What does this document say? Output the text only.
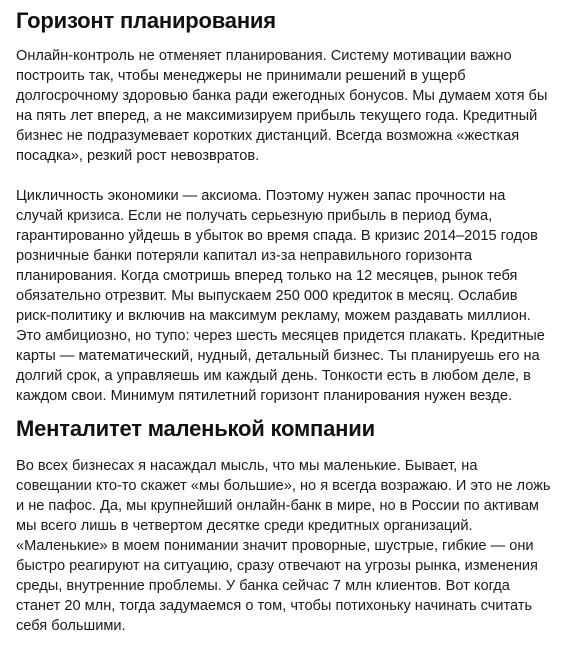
Горизонт планирования

Онлайн-контроль не отменяет планирования. Систему мотивации важно построить так, чтобы менеджеры не принимали решений в ущерб долгосрочному здоровью банка ради ежегодных бонусов. Мы думаем хотя бы на пять лет вперед, а не максимизируем прибыль текущего года. Кредитный бизнес не подразумевает коротких дистанций. Всегда возможна «жесткая посадка», резкий рост невозвратов.

Цикличность экономики — аксиома. Поэтому нужен запас прочности на случай кризиса. Если не получать серьезную прибыль в период бума, гарантированно уйдешь в убыток во время спада. В кризис 2014–2015 годов розничные банки потеряли капитал из-за неправильного горизонта планирования. Когда смотришь вперед только на 12 месяцев, рынок тебя обязательно отрезвит. Мы выпускаем 250 000 кредиток в месяц. Ослабив риск-политику и включив на максимум рекламу, можем раздавать миллион. Это амбициозно, но тупо: через шесть месяцев придется плакать. Кредитные карты — математический, нудный, детальный бизнес. Ты планируешь его на долгий срок, а управляешь им каждый день. Тонкости есть в любом деле, в каждом свои. Минимум пятилетний горизонт планирования нужен везде.

Менталитет маленькой компании

Во всех бизнесах я насаждал мысль, что мы маленькие. Бывает, на совещании кто-то скажет «мы большие», но я всегда возражаю. И это не ложь и не пафос. Да, мы крупнейший онлайн-банк в мире, но в России по активам мы всего лишь в четвертом десятке среди кредитных организаций. «Маленькие» в моем понимании значит проворные, шустрые, гибкие — они быстро реагируют на ситуацию, сразу отвечают на угрозы рынка, изменения среды, внутренние проблемы. У банка сейчас 7 млн клиентов. Вот когда станет 20 млн, тогда задумаемся о том, чтобы потихоньку начинать считать себя большими.
